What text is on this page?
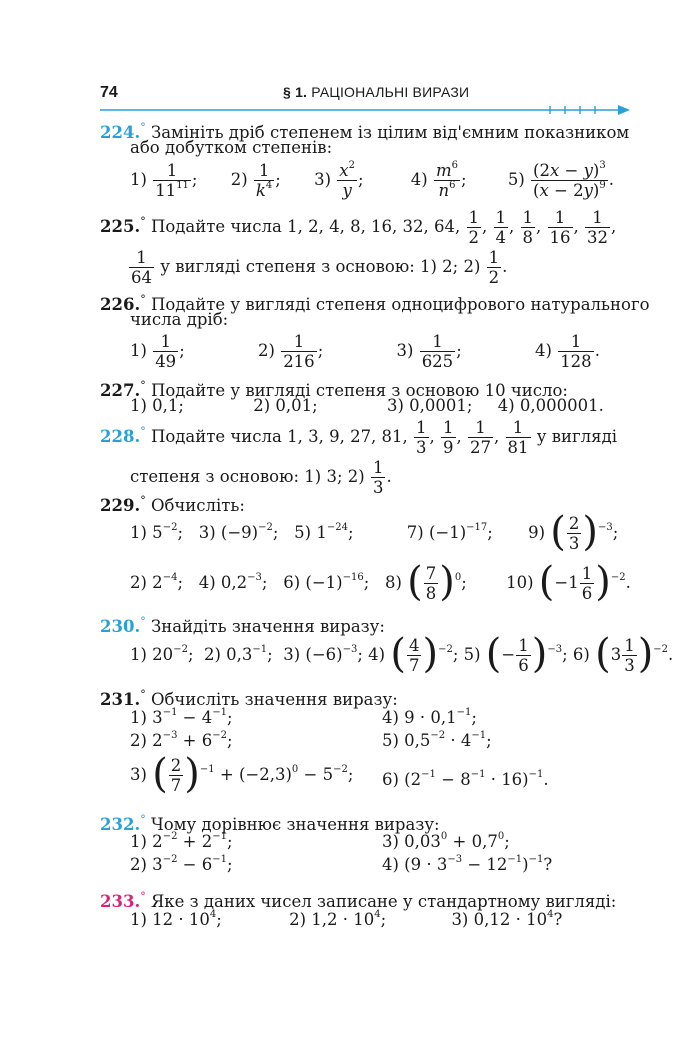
74	§ 1. РАЦІОНАЛЬНІ ВИРАЗИ
224.° Замініть дріб степенем із цілим від'ємним показником
або добутком степенів:
$1) \frac{1}{11^{11}}$ ; $2) \frac{1}{k^4}$ ; $3) \frac{x^2}{y}$ ;	$4) \frac{m^6}{n^6}$ ; $5) \frac{(2x - y)^3}{(x - 2y)^9}$ .
225.° Подайте числа 1, 2, 4, 8, 16, 32, 64, $\frac{1}{2}$ , $\frac{1}{4}$ , $\frac{1}{8}$ , $\frac{1}{16}$ , $\frac{1}{32}$ ,
$\frac{1}{64}$ у вигляді степеня з основою: 1) 2; $2) \frac{1}{2}$ .
226.° Подайте у вигляді степеня одноцифрового натурального
числа дріб:
$1) \frac{1}{49}$ ;	$2) \frac{1}{216}$ ;	$3) \frac{1}{625}$ ;	$4) \frac{1}{128}$ .
227.° Подайте у вигляді степеня з основою 10 число:
1) 0,1;	2) 0,01;	3) 0,0001; 4) 0,000001.
228.° Подайте числа 1, 3, 9, 27, 81, $\frac{1}{3}$ , $\frac{1}{9}$ , $\frac{1}{27}$ , $\frac{1}{81}$ у вигляді
степеня з основою: 1) 3; $2) \frac{1}{3}$ .
229.° Обчисліть:
1) $5^{-2}$;   3) $(-9)^{-2}$;   5) $1^{-24}$;	7) $(-1)^{-17}$; 9) ( $\frac{2}{3} )^{-3}$;
2) $2^{-4}$;   4) $0,2^{-3}$;   6) $(-1)^{-16}$;   8) ( $\frac{7}{8} )^0$; 10) $(-1 \frac{1}{6} )^{-2}$.
230.° Знайдіть значення виразу:
1) $20^{-2}$;  2) $0,3^{-1}$;  3) $(-6)^{-3}$; 4) ( $\frac{4}{7} )^{-2}$; 5) (− $\frac{1}{6} )^{-3}$; 6) $(3 \frac{1}{3} )^{-2}$.
231.° Обчисліть значення виразу:
1) $3^{-1} - 4^{-1}$;	4) $9 \cdot 0,1^{-1}$;
2) $2^{-3} + 6^{-2}$;	5) $0,5^{-2} \cdot 4^{-1}$;
3) ( $\frac{2}{7} )^{-1} + (-2,3)^0 - 5^{-2}$; 6) $(2^{-1} - 8^{-1} \cdot 16)^{-1}$.
232.° Чому дорівнює значення виразу:
1) $2^{-2} + 2^{-1}$;	3) $0,03^0 + 0,7^0$;
2) $3^{-2} - 6^{-1}$;	4) $(9 \cdot 3^{-3} - 12^{-1})^{-1}$?
233.° Яке з даних чисел записане у стандартному вигляді:
1) $12 \cdot 10^4$;	2) $1,2 \cdot 10^4$;	3) $0,12 \cdot 10^4$?
